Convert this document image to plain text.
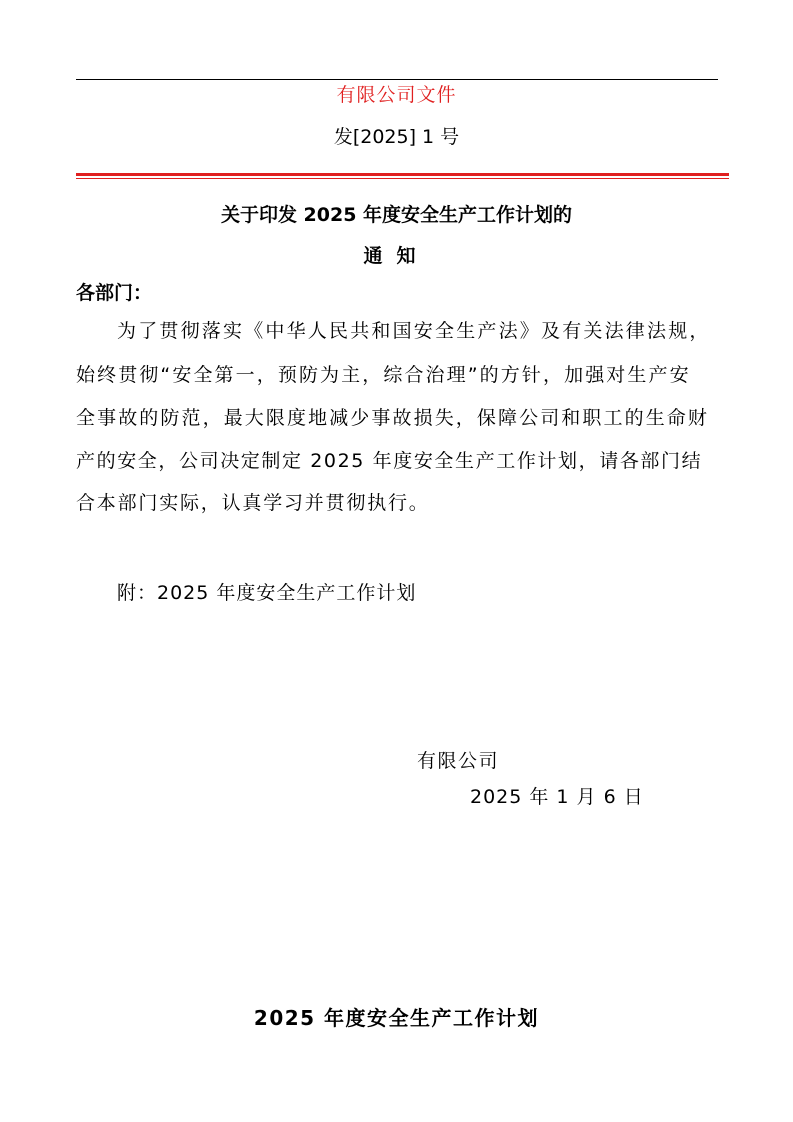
有限公司文件
发[2025] 1 号
关于印发 2025 年度安全生产工作计划的
通知
各部门：
为了贯彻落实《中华人民共和国安全生产法》及有关法律法规，
始终贯彻“安全第一，预防为主，综合治理”的方针，加强对生产安
全事故的防范，最大限度地减少事故损失，保障公司和职工的生命财
产的安全，公司决定制定 2025 年度安全生产工作计划，请各部门结
合本部门实际，认真学习并贯彻执行。
附：2025 年度安全生产工作计划
有限公司
2025 年 1 月 6 日
2025 年度安全生产工作计划
